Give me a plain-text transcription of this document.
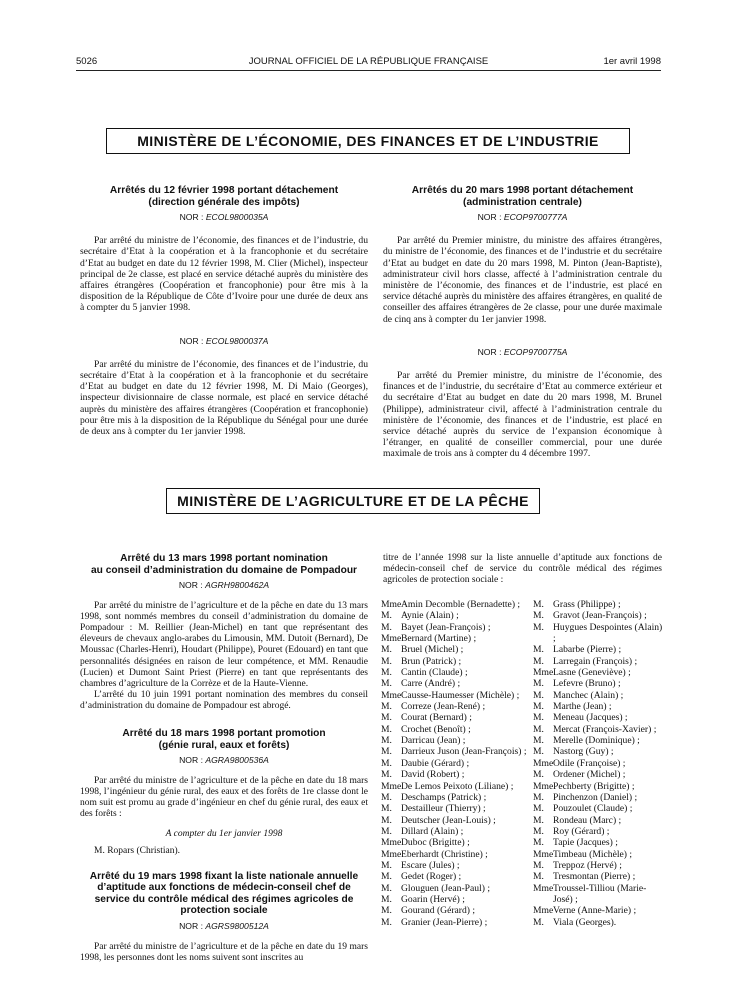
5026	JOURNAL OFFICIEL DE LA RÉPUBLIQUE FRANÇAISE	1er avril 1998
MINISTÈRE DE L’ÉCONOMIE, DES FINANCES ET DE L’INDUSTRIE
Arrêtés du 12 février 1998 portant détachement
(direction générale des impôts)
NOR : ECOL9800035A

Par arrêté du ministre de l’économie, des finances et de l’industrie, du secrétaire d’Etat à la coopération et à la francophonie et du secrétaire d’Etat au budget en date du 12 février 1998, M. Clier (Michel), inspecteur principal de 2e classe, est placé en service détaché auprès du ministère des affaires étrangères (Coopération et francophonie) pour être mis à la disposition de la République de Côte d’Ivoire pour une durée de deux ans à compter du 5 janvier 1998.

NOR : ECOL9800037A

Par arrêté du ministre de l’économie, des finances et de l’industrie, du secrétaire d’Etat à la coopération et à la francophonie et du secrétaire d’Etat au budget en date du 12 février 1998, M. Di Maio (Georges), inspecteur divisionnaire de classe normale, est placé en service détaché auprès du ministère des affaires étrangères (Coopération et francophonie) pour être mis à la disposition de la République du Sénégal pour une durée de deux ans à compter du 1er janvier 1998.

Arrêtés du 20 mars 1998 portant détachement
(administration centrale)
NOR : ECOP9700777A

Par arrêté du Premier ministre, du ministre des affaires étrangères, du ministre de l’économie, des finances et de l’industrie et du secrétaire d’Etat au budget en date du 20 mars 1998, M. Pinton (Jean-Baptiste), administrateur civil hors classe, affecté à l’administration centrale du ministère de l’économie, des finances et de l’industrie, est placé en service détaché auprès du ministère des affaires étrangères, en qualité de conseiller des affaires étrangères de 2e classe, pour une durée maximale de cinq ans à compter du 1er janvier 1998.

NOR : ECOP9700775A

Par arrêté du Premier ministre, du ministre de l’économie, des finances et de l’industrie, du secrétaire d’Etat au commerce extérieur et du secrétaire d’Etat au budget en date du 20 mars 1998, M. Brunel (Philippe), administrateur civil, affecté à l’administration centrale du ministère de l’économie, des finances et de l’industrie, est placé en service détaché auprès du service de l’expansion économique à l’étranger, en qualité de conseiller commercial, pour une durée maximale de trois ans à compter du 4 décembre 1997.

MINISTÈRE DE L’AGRICULTURE ET DE LA PÊCHE
Arrêté du 13 mars 1998 portant nomination
au conseil d’administration du domaine de Pompadour
NOR : AGRH9800462A

Par arrêté du ministre de l’agriculture et de la pêche en date du 13 mars 1998, sont nommés membres du conseil d’administration du domaine de Pompadour : M. Reillier (Jean-Michel) en tant que représentant des éleveurs de chevaux anglo-arabes du Limousin, MM. Dutoit (Bernard), De Moussac (Charles-Henri), Houdart (Philippe), Pouret (Edouard) en tant que personnalités désignées en raison de leur compétence, et MM. Renaudie (Lucien) et Dumont Saint Priest (Pierre) en tant que représentants des chambres d’agriculture de la Corrèze et de la Haute-Vienne.

L’arrêté du 10 juin 1991 portant nomination des membres du conseil d’administration du domaine de Pompadour est abrogé.

Arrêté du 18 mars 1998 portant promotion
(génie rural, eaux et forêts)
NOR : AGRA9800536A

Par arrêté du ministre de l’agriculture et de la pêche en date du 18 mars 1998, l’ingénieur du génie rural, des eaux et des forêts de 1re classe dont le nom suit est promu au grade d’ingénieur en chef du génie rural, des eaux et des forêts :

A compter du 1er janvier 1998

M. Ropars (Christian).

Arrêté du 19 mars 1998 fixant la liste nationale annuelle d’aptitude aux fonctions de médecin-conseil chef de service du contrôle médical des régimes agricoles de protection sociale
NOR : AGRS9800512A

Par arrêté du ministre de l’agriculture et de la pêche en date du 19 mars 1998, les personnes dont les noms suivent sont inscrites au

titre de l’année 1998 sur la liste annuelle d’aptitude aux fonctions de médecin-conseil chef de service du contrôle médical des régimes agricoles de protection sociale :

Mme Amin Decomble (Bernadette) ;
M. Aynie (Alain) ;
M. Bayet (Jean-François) ;
Mme Bernard (Martine) ;
M. Bruel (Michel) ;
M. Brun (Patrick) ;
M. Cantin (Claude) ;
M. Carre (André) ;
Mme Causse-Haumesser (Michèle) ;
M. Correze (Jean-René) ;
M. Courat (Bernard) ;
M. Crochet (Benoît) ;
M. Darricau (Jean) ;
M. Darrieux Juson (Jean-François) ;
M. Daubie (Gérard) ;
M. David (Robert) ;
Mme De Lemos Peixoto (Liliane) ;
M. Deschamps (Patrick) ;
M. Destailleur (Thierry) ;
M. Deutscher (Jean-Louis) ;
M. Dillard (Alain) ;
Mme Duboc (Brigitte) ;
Mme Eberhardt (Christine) ;
M. Escare (Jules) ;
M. Gedet (Roger) ;
M. Glouguen (Jean-Paul) ;
M. Goarin (Hervé) ;
M. Gourand (Gérard) ;
M. Granier (Jean-Pierre) ;
M. Grass (Philippe) ;
M. Gravot (Jean-François) ;
M. Huygues Despointes (Alain) ;
M. Labarbe (Pierre) ;
M. Larregain (François) ;
Mme Lasne (Geneviève) ;
M. Lefevre (Bruno) ;
M. Manchec (Alain) ;
M. Marthe (Jean) ;
M. Meneau (Jacques) ;
M. Mercat (François-Xavier) ;
M. Merelle (Dominique) ;
M. Nastorg (Guy) ;
Mme Odile (Françoise) ;
M. Ordener (Michel) ;
Mme Pechberty (Brigitte) ;
M. Pinchenzon (Daniel) ;
M. Pouzoulet (Claude) ;
M. Rondeau (Marc) ;
M. Roy (Gérard) ;
M. Tapie (Jacques) ;
Mme Timbeau (Michèle) ;
M. Treppoz (Hervé) ;
M. Tresmontan (Pierre) ;
Mme Troussel-Tilliou (Marie-José) ;
Mme Verne (Anne-Marie) ;
M. Viala (Georges).
